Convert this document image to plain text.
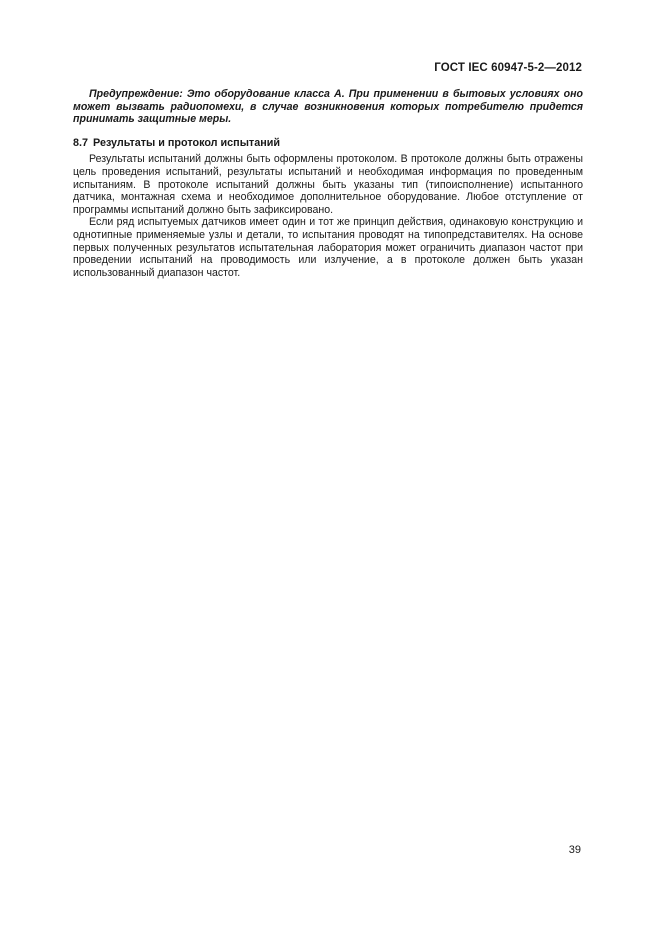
ГОСТ IEC 60947-5-2—2012

Предупреждение: Это оборудование класса А. При применении в бытовых условиях оно может вызвать радиопомехи, в случае возникновения которых потребителю придется принимать защитные меры.

8.7 Результаты и протокол испытаний

Результаты испытаний должны быть оформлены протоколом. В протоколе должны быть отражены цель проведения испытаний, результаты испытаний и необходимая информация по проведенным испытаниям. В протоколе испытаний должны быть указаны тип (типоисполнение) испытанного датчика, монтажная схема и необходимое дополнительное оборудование. Любое отступление от программы испытаний должно быть зафиксировано.

Если ряд испытуемых датчиков имеет один и тот же принцип действия, одинаковую конструкцию и однотипные применяемые узлы и детали, то испытания проводят на типопредставителях. На основе первых полученных результатов испытательная лаборатория может ограничить диапазон частот при проведении испытаний на проводимость или излучение, а в протоколе должен быть указан использованный диапазон частот.

39
